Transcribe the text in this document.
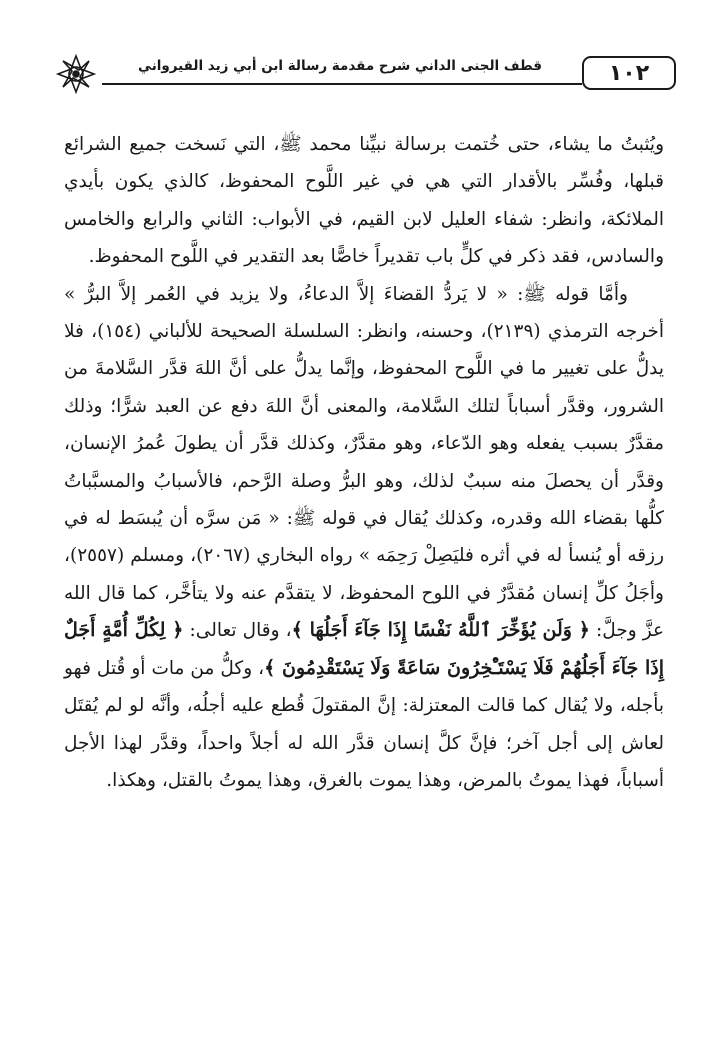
قطف الجنى الداني شرح مقدمة رسالة ابن أبي زيد القيرواني	١٠٢

ويُثبتُ ما يشاء، حتى خُتمت برسالة نبيِّنا محمد ﷺ، التي نَسخت جميع الشرائع قبلها، وفُسِّر بالأقدار التي هي في غير اللَّوح المحفوظ، كالذي يكون بأيدي الملائكة، وانظر: شفاء العليل لابن القيم، في الأبواب: الثاني والرابع والخامس والسادس، فقد ذكر في كلٍّ باب تقديراً خاصًّا بعد التقدير في اللَّوح المحفوظ.

وأمَّا قوله ﷺ: « لا يَردُّ القضاءَ إلاَّ الدعاءُ، ولا يزيد في العُمر إلاَّ البرُّ » أخرجه الترمذي (٢١٣٩)، وحسنه، وانظر: السلسلة الصحيحة للألباني (١٥٤)، فلا يدلُّ على تغيير ما في اللَّوح المحفوظ، وإنَّما يدلُّ على أنَّ اللهَ قدَّر السَّلامةَ من الشرور، وقدَّر أسباباً لتلك السَّلامة، والمعنى أنَّ اللهَ دفع عن العبد شرًّا؛ وذلك مقدَّرٌ بسبب يفعله وهو الدّعاء، وهو مقدَّرٌ، وكذلك قدَّر أن يطولَ عُمرُ الإنسان، وقدَّر أن يحصلَ منه سببٌ لذلك، وهو البرُّ وصلة الرَّحم، فالأسبابُ والمسبَّباتُ كلُّها بقضاء الله وقدره، وكذلك يُقال في قوله ﷺ: « مَن سرَّه أن يُبسَط له في رزقه أو يُنسأ له في أثره فليَصِلْ رَحِمَه » رواه البخاري (٢٠٦٧)، ومسلم (٢٥٥٧)، وأجَلُ كلِّ إنسان مُقدَّرٌ في اللوح المحفوظ، لا يتقدَّم عنه ولا يتأخَّر، كما قال الله عزَّ وجلَّ: ﴿ وَلَن يُؤَخِّرَ ٱللَّهُ نَفْسًا إِذَا جَآءَ أَجَلُهَا ﴾، وقال تعالى: ﴿ لِكُلِّ أُمَّةٍ أَجَلٌ إِذَا جَآءَ أَجَلُهُمْ فَلَا يَسْتَـْٔخِرُونَ سَاعَةً وَلَا يَسْتَقْدِمُونَ ﴾، وكلُّ من مات أو قُتل فهو بأجله، ولا يُقال كما قالت المعتزلة: إنَّ المقتولَ قُطع عليه أجلُه، وأنَّه لو لم يُقتَل لعاش إلى أجل آخر؛ فإنَّ كلَّ إنسان قدَّر الله له أجلاً واحداً، وقدَّر لهذا الأجل أسباباً، فهذا يموتُ بالمرض، وهذا يموت بالغرق، وهذا يموتُ بالقتل، وهكذا.
